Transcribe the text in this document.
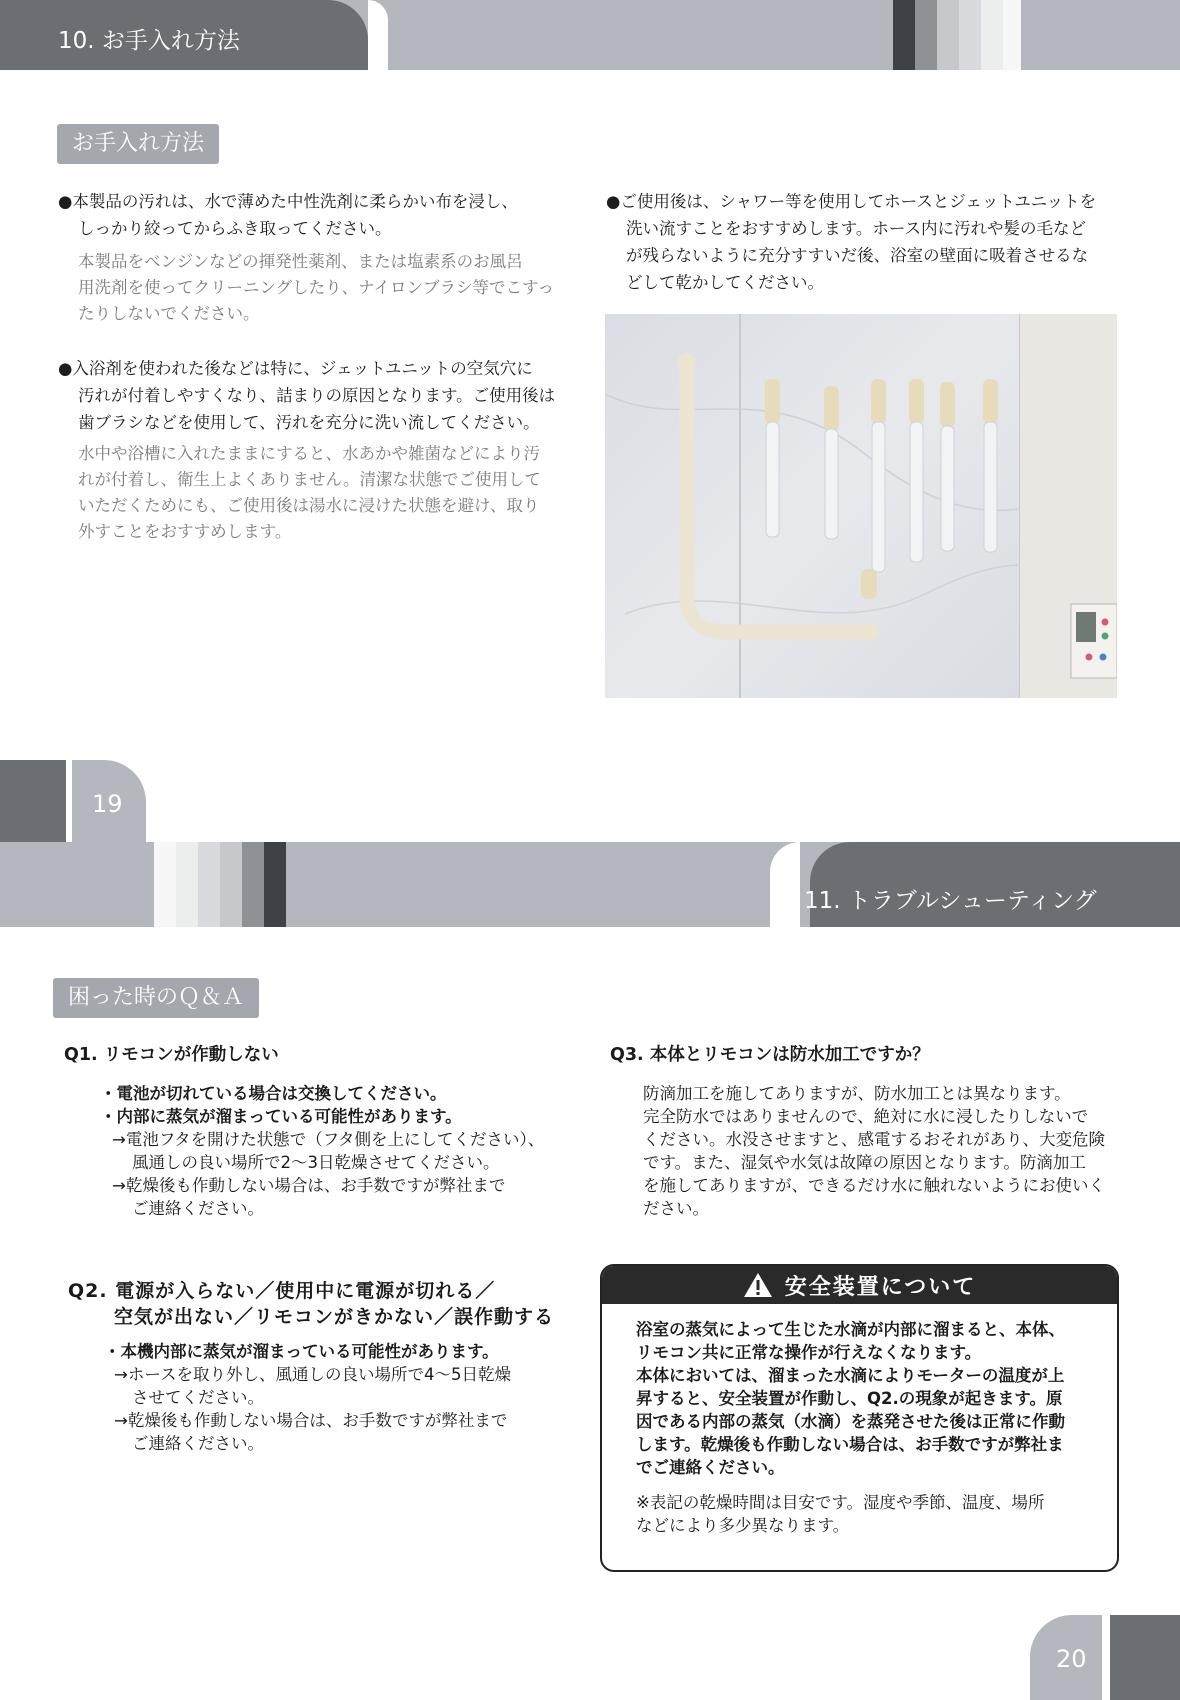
10. お手入れ方法
お手入れ方法
●本製品の汚れは、水で薄めた中性洗剤に柔らかい布を浸し、
しっかり絞ってからふき取ってください。
本製品をベンジンなどの揮発性薬剤、または塩素系のお風呂
用洗剤を使ってクリーニングしたり、ナイロンブラシ等でこすっ
たりしないでください。
●入浴剤を使われた後などは特に、ジェットユニットの空気穴に
汚れが付着しやすくなり、詰まりの原因となります。ご使用後は
歯ブラシなどを使用して、汚れを充分に洗い流してください。
水中や浴槽に入れたままにすると、水あかや雑菌などにより汚
れが付着し、衛生上よくありません。清潔な状態でご使用して
いただくためにも、ご使用後は湯水に浸けた状態を避け、取り
外すことをおすすめします。
●ご使用後は、シャワー等を使用してホースとジェットユニットを
洗い流すことをおすすめします。ホース内に汚れや髪の毛など
が残らないように充分すすいだ後、浴室の壁面に吸着させるな
どして乾かしてください。
19
11. トラブルシューティング
困った時のＱ＆Ａ
Q1. リモコンが作動しない
・電池が切れている場合は交換してください。
・内部に蒸気が溜まっている可能性があります。
→電池フタを開けた状態で（フタ側を上にしてください）、
風通しの良い場所で2～3日乾燥させてください。
→乾燥後も作動しない場合は、お手数ですが弊社まで
ご連絡ください。
Q2. 電源が入らない／使用中に電源が切れる／
空気が出ない／リモコンがきかない／誤作動する
・本機内部に蒸気が溜まっている可能性があります。
→ホースを取り外し、風通しの良い場所で4～5日乾燥
させてください。
→乾燥後も作動しない場合は、お手数ですが弊社まで
ご連絡ください。
Q3. 本体とリモコンは防水加工ですか？
防滴加工を施してありますが、防水加工とは異なります。
完全防水ではありませんので、絶対に水に浸したりしないで
ください。水没させますと、感電するおそれがあり、大変危険
です。また、湿気や水気は故障の原因となります。防滴加工
を施してありますが、できるだけ水に触れないようにお使いく
ださい。
安全装置について
浴室の蒸気によって生じた水滴が内部に溜まると、本体、
リモコン共に正常な操作が行えなくなります。
本体においては、溜まった水滴によりモーターの温度が上
昇すると、安全装置が作動し、Q2.の現象が起きます。原
因である内部の蒸気（水滴）を蒸発させた後は正常に作動
します。乾燥後も作動しない場合は、お手数ですが弊社ま
でご連絡ください。
※表記の乾燥時間は目安です。湿度や季節、温度、場所
などにより多少異なります。
20
